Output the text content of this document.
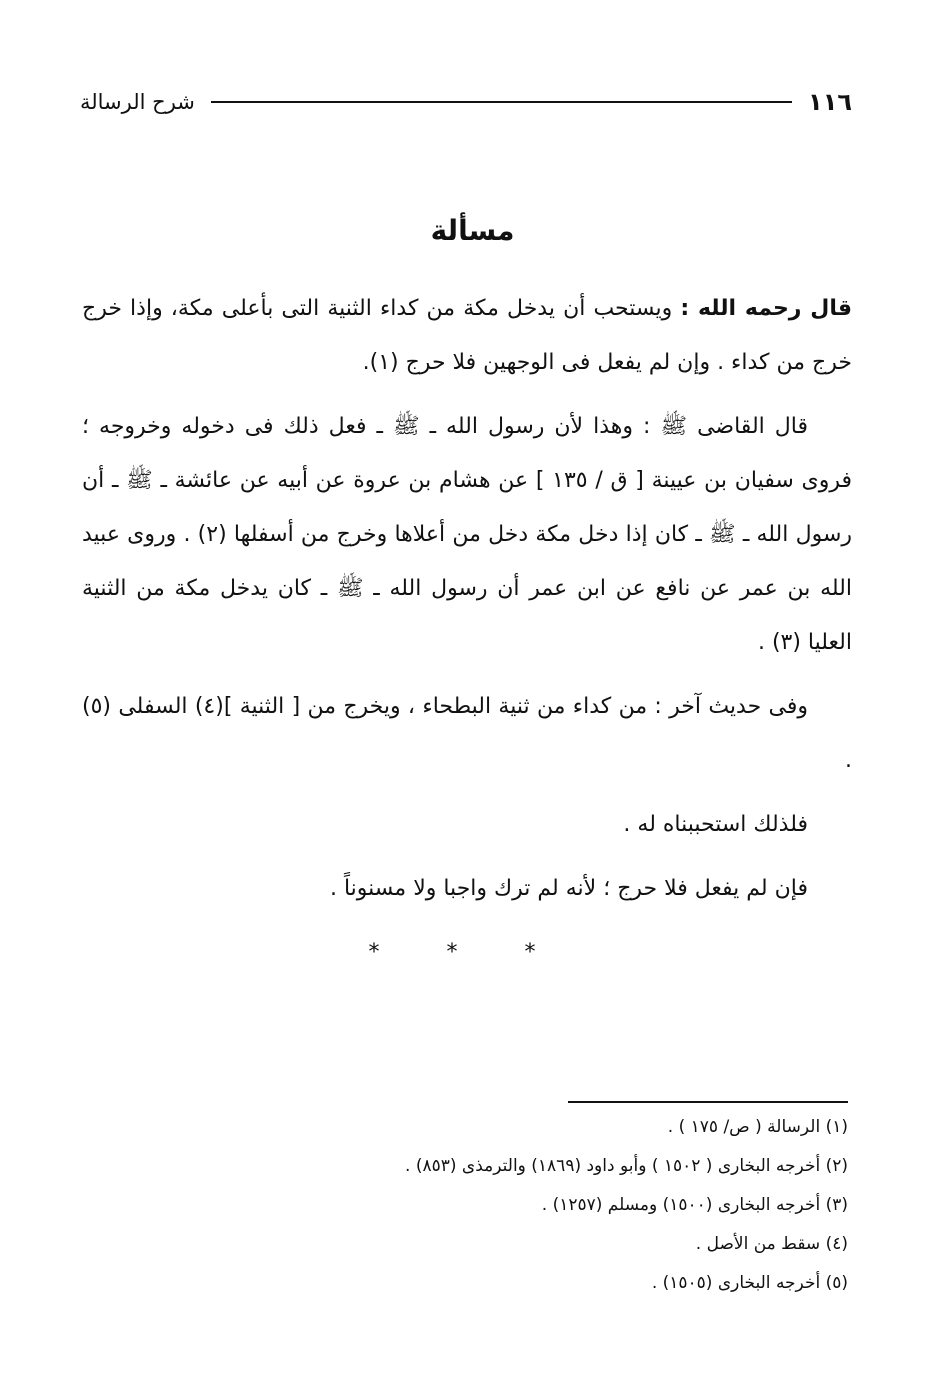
١١٦
شرح الرسالة
مسألة

قال رحمه الله : ويستحب أن يدخل مكة من كداء الثنية التى بأعلى مكة، وإذا خرج خرج من كداء . وإن لم يفعل فى الوجهين فلا حرج (١).

قال القاضى ﷺ : وهذا لأن رسول الله ـ ﷺ ـ فعل ذلك فى دخوله وخروجه ؛ فروى سفيان بن عيينة [ ق / ١٣٥ ] عن هشام بن عروة عن أبيه عن عائشة ـ ﷺ ـ أن رسول الله ـ ﷺ ـ كان إذا دخل مكة دخل من أعلاها وخرج من أسفلها (٢) . وروى عبيد الله بن عمر عن نافع عن ابن عمر أن رسول الله ـ ﷺ ـ كان يدخل مكة من الثنية العليا (٣) .

وفى حديث آخر : من كداء من ثنية البطحاء ، ويخرج من [ الثنية ](٤) السفلى (٥) .

فلذلك استحببناه له .

فإن لم يفعل فلا حرج ؛ لأنه لم ترك واجبا ولا مسنوناً .

* * *

(١) الرسالة ( ص/ ١٧٥ ) .

(٢) أخرجه البخارى ( ١٥٠٢ ) وأبو داود (١٨٦٩) والترمذى (٨٥٣) .

(٣) أخرجه البخارى (١٥٠٠) ومسلم (١٢٥٧) .

(٤) سقط من الأصل .

(٥) أخرجه البخارى (١٥٠٥) .
